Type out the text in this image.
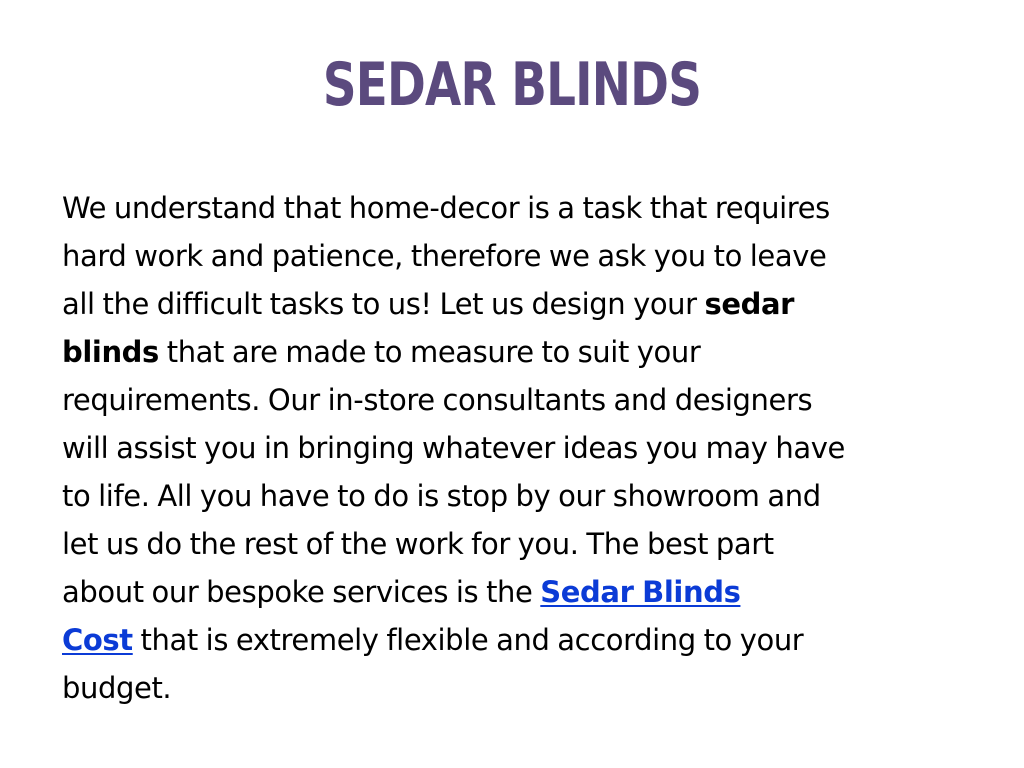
SEDAR BLINDS
We understand that home-decor is a task that requires
hard work and patience, therefore we ask you to leave
all the difficult tasks to us! Let us design your sedar
blinds that are made to measure to suit your
requirements. Our in-store consultants and designers
will assist you in bringing whatever ideas you may have
to life. All you have to do is stop by our showroom and
let us do the rest of the work for you. The best part
about our bespoke services is the Sedar Blinds
Cost that is extremely flexible and according to your
budget.
